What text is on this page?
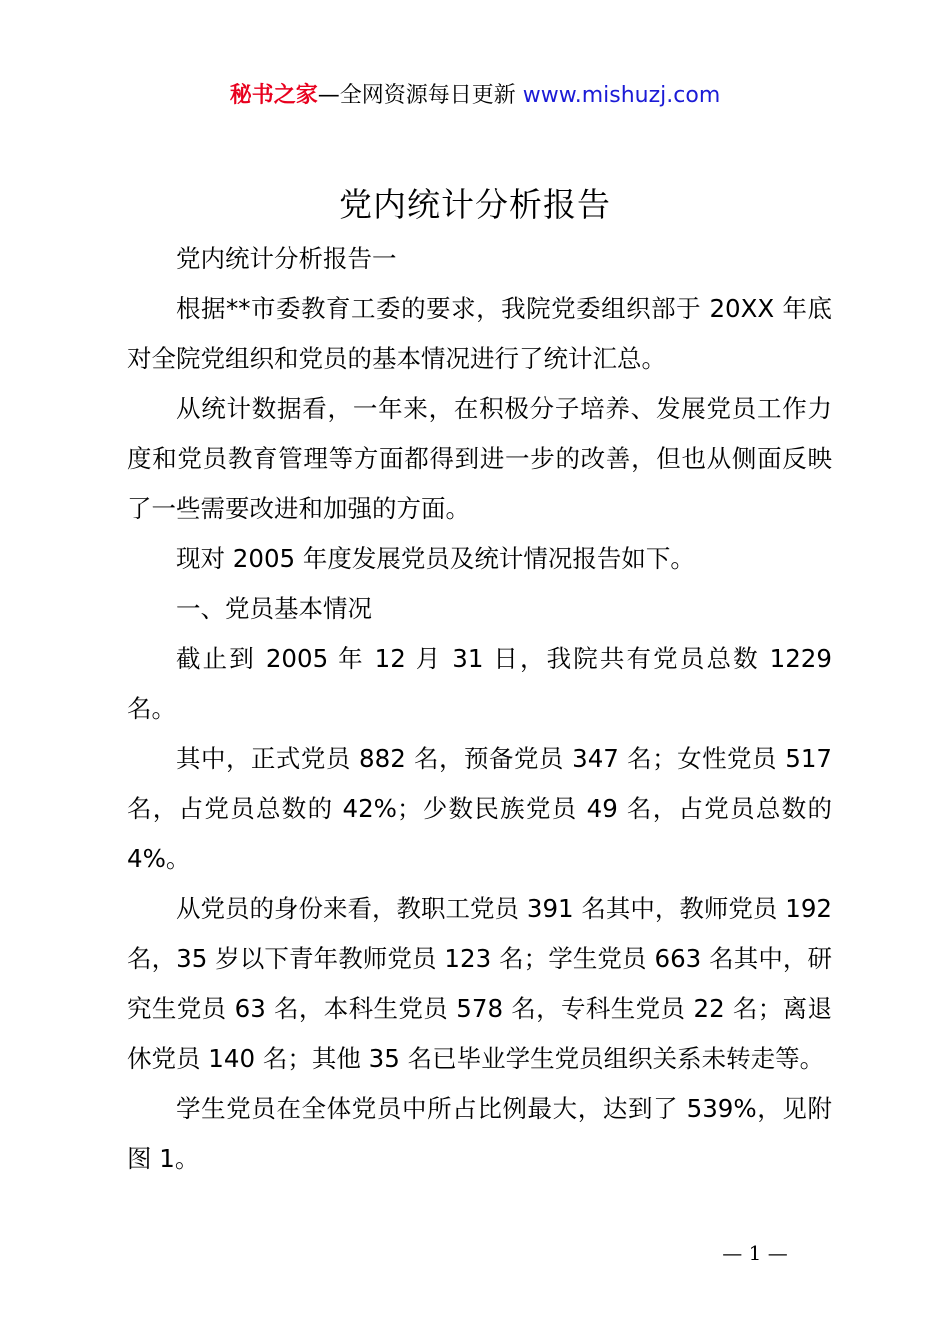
秘书之家—全网资源每日更新 www.mishuzj.com
党内统计分析报告

党内统计分析报告一

根据**市委教育工委的要求，我院党委组织部于 20XX 年底对全院党组织和党员的基本情况进行了统计汇总。

从统计数据看，一年来，在积极分子培养、发展党员工作力度和党员教育管理等方面都得到进一步的改善，但也从侧面反映了一些需要改进和加强的方面。

现对 2005 年度发展党员及统计情况报告如下。

一、党员基本情况

截止到 2005 年 12 月 31 日，我院共有党员总数 1229 名。

其中，正式党员 882 名，预备党员 347 名；女性党员 517 名，占党员总数的 42%；少数民族党员 49 名，占党员总数的 4%。

从党员的身份来看，教职工党员 391 名其中，教师党员 192 名，35 岁以下青年教师党员 123 名；学生党员 663 名其中，研究生党员 63 名，本科生党员 578 名，专科生党员 22 名；离退休党员 140 名；其他 35 名已毕业学生党员组织关系未转走等。

学生党员在全体党员中所占比例最大，达到了 539%，见附图 1。

— 1 —
